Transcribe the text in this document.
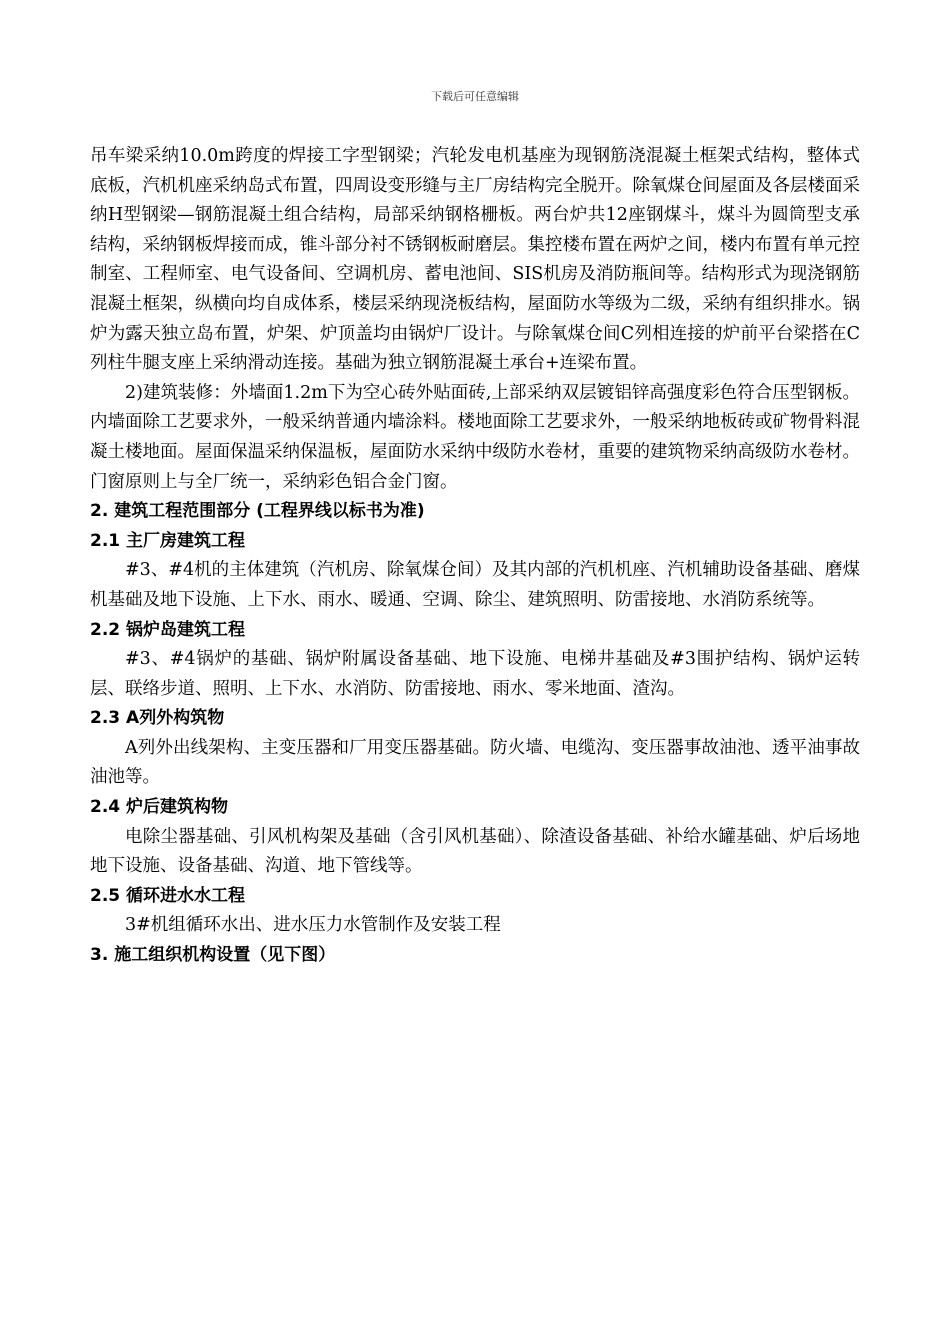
下载后可任意编辑

吊车梁采纳10.0m跨度的焊接工字型钢梁；汽轮发电机基座为现钢筋浇混凝土框架式结构，整体式底板，汽机机座采纳岛式布置，四周设变形缝与主厂房结构完全脱开。除氧煤仓间屋面及各层楼面采纳H型钢梁—钢筋混凝土组合结构，局部采纳钢格栅板。两台炉共12座钢煤斗，煤斗为圆筒型支承结构，采纳钢板焊接而成，锥斗部分衬不锈钢板耐磨层。集控楼布置在两炉之间，楼内布置有单元控制室、工程师室、电气设备间、空调机房、蓄电池间、SIS机房及消防瓶间等。结构形式为现浇钢筋混凝土框架，纵横向均自成体系，楼层采纳现浇板结构，屋面防水等级为二级，采纳有组织排水。锅炉为露天独立岛布置，炉架、炉顶盖均由锅炉厂设计。与除氧煤仓间C列相连接的炉前平台梁搭在C列柱牛腿支座上采纳滑动连接。基础为独立钢筋混凝土承台+连梁布置。

2)建筑装修：外墙面1.2m下为空心砖外贴面砖,上部采纳双层镀铝锌高强度彩色符合压型钢板。内墙面除工艺要求外，一般采纳普通内墙涂料。楼地面除工艺要求外，一般采纳地板砖或矿物骨料混凝土楼地面。屋面保温采纳保温板，屋面防水采纳中级防水卷材，重要的建筑物采纳高级防水卷材。门窗原则上与全厂统一，采纳彩色铝合金门窗。

2. 建筑工程范围部分 (工程界线以标书为准)
2.1 主厂房建筑工程

#3、#4机的主体建筑（汽机房、除氧煤仓间）及其内部的汽机机座、汽机辅助设备基础、磨煤机基础及地下设施、上下水、雨水、暖通、空调、除尘、建筑照明、防雷接地、水消防系统等。

2.2 锅炉岛建筑工程

#3、#4锅炉的基础、锅炉附属设备基础、地下设施、电梯井基础及#3围护结构、锅炉运转层、联络步道、照明、上下水、水消防、防雷接地、雨水、零米地面、渣沟。

2.3 A列外构筑物

A列外出线架构、主变压器和厂用变压器基础。防火墙、电缆沟、变压器事故油池、透平油事故油池等。

2.4 炉后建筑构物

电除尘器基础、引风机构架及基础（含引风机基础）、除渣设备基础、补给水罐基础、炉后场地地下设施、设备基础、沟道、地下管线等。

2.5 循环进水水工程

3#机组循环水出、进水压力水管制作及安装工程

3. 施工组织机构设置（见下图）
